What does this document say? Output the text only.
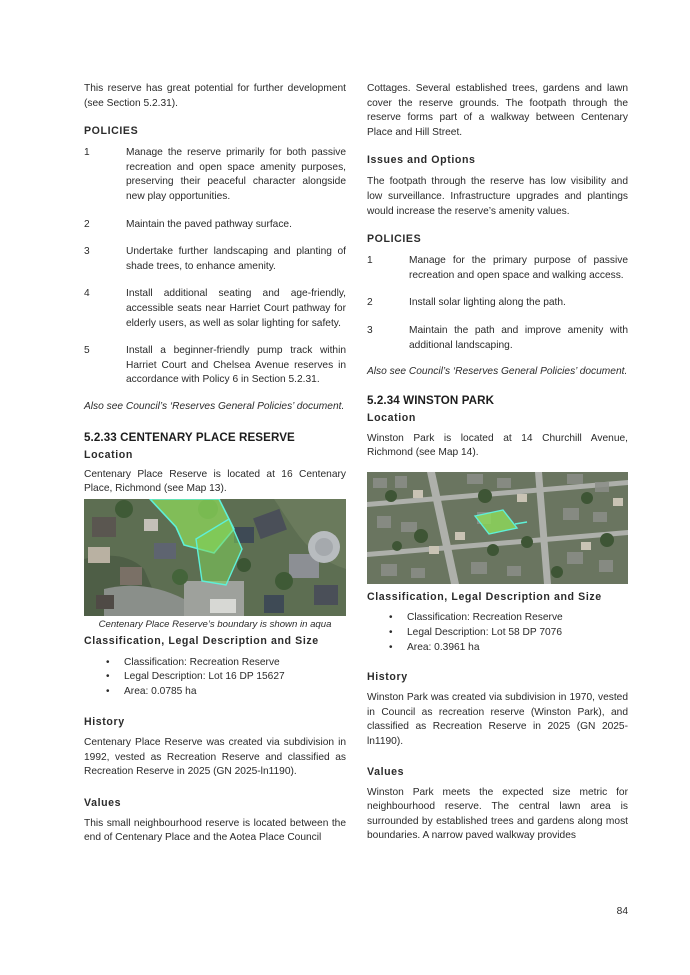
This reserve has great potential for further development (see Section 5.2.31).

POLICIES
1	Manage the reserve primarily for both passive recreation and open space amenity purposes, preserving their peaceful character alongside new play opportunities.
2	Maintain the paved pathway surface.
3	Undertake further landscaping and planting of shade trees, to enhance amenity.
4	Install additional seating and age-friendly, accessible seats near Harriet Court pathway for elderly users, as well as solar lighting for safety.
5	Install a beginner-friendly pump track within Harriet Court and Chelsea Avenue reserves in accordance with Policy 6 in Section 5.2.31.

Also see Council’s ‘Reserves General Policies’ document.

5.2.33 CENTENARY PLACE RESERVE
Location

Centenary Place Reserve is located at 16 Centenary Place, Richmond (see Map 13).

Centenary Place Reserve’s boundary is shown in aqua
Classification, Legal Description and Size
• Classification: Recreation Reserve
• Legal Description: Lot 16 DP 15627
• Area: 0.0785 ha
History

Centenary Place Reserve was created via subdivision in 1992, vested as Recreation Reserve and classified as Recreation Reserve in 2025 (GN 2025-ln1190).

Values

This small neighbourhood reserve is located between the end of Centenary Place and the Aotea Place Council

Cottages. Several established trees, gardens and lawn cover the reserve grounds. The footpath through the reserve forms part of a walkway between Centenary Place and Hill Street.

Issues and Options

The footpath through the reserve has low visibility and low surveillance. Infrastructure upgrades and plantings would increase the reserve’s amenity values.

POLICIES
1	Manage for the primary purpose of passive recreation and open space and walking access.
2	Install solar lighting along the path.
3	Maintain the path and improve amenity with additional landscaping.

Also see Council’s ‘Reserves General Policies’ document.

5.2.34 WINSTON PARK
Location

Winston Park is located at 14 Churchill Avenue, Richmond (see Map 14).

Classification, Legal Description and Size
• Classification: Recreation Reserve
• Legal Description: Lot 58 DP 7076
• Area: 0.3961 ha
History

Winston Park was created via subdivision in 1970, vested in Council as recreation reserve (Winston Park), and classified as Recreation Reserve in 2025 (GN 2025-ln1190).

Values

Winston Park meets the expected size metric for neighbourhood reserve. The central lawn area is surrounded by established trees and gardens along most boundaries. A narrow paved walkway provides

84
